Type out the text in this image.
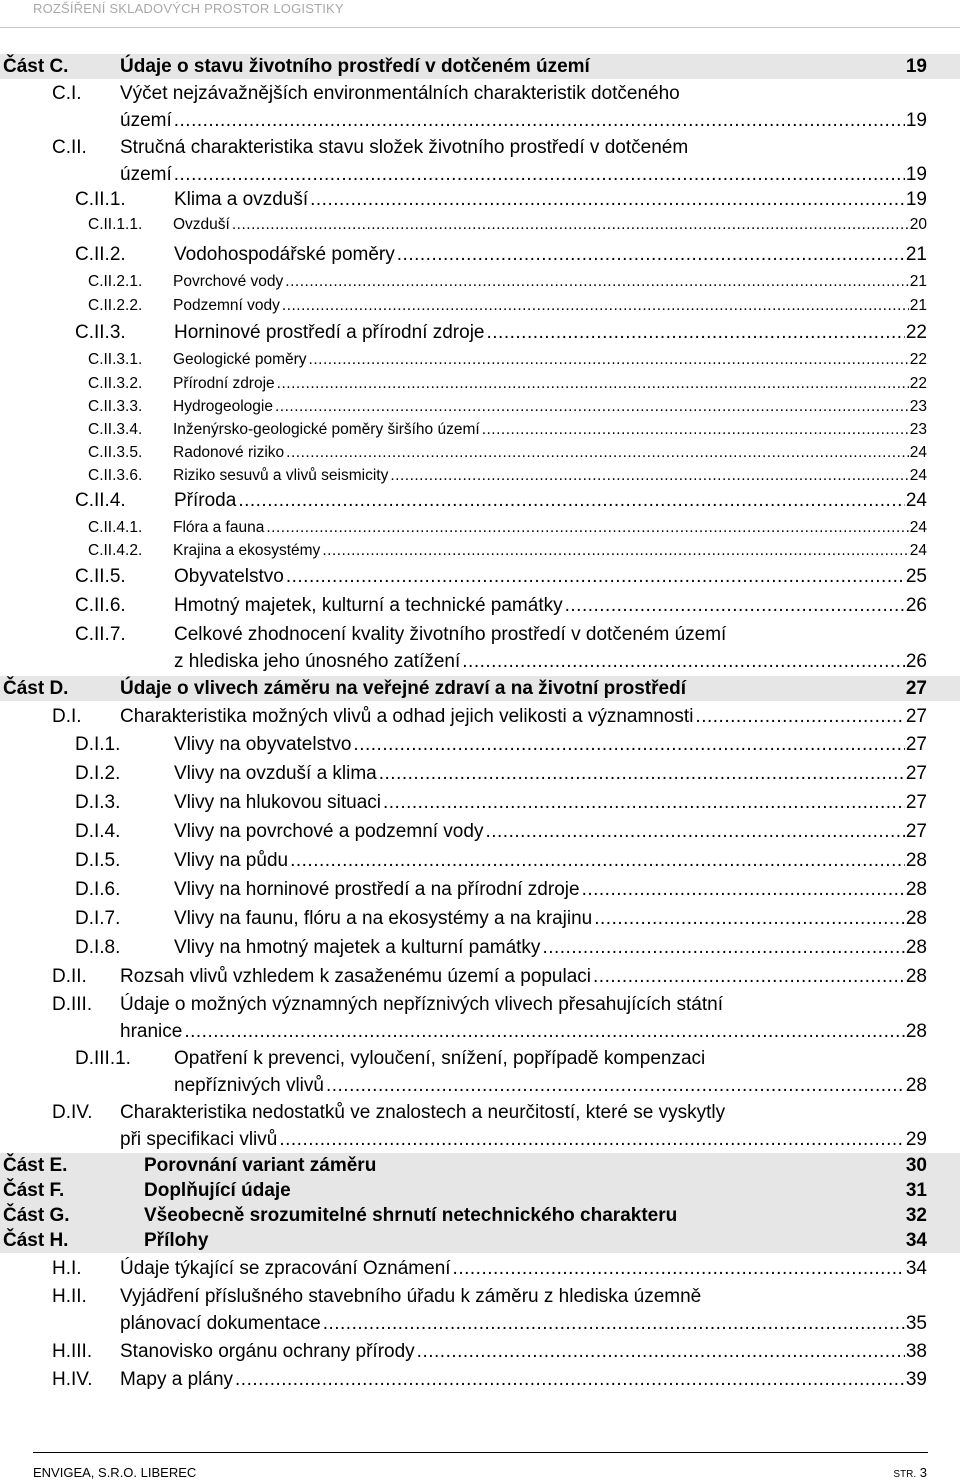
ROZŠÍŘENÍ SKLADOVÝCH PROSTOR LOGISTIKY
Část C.	Údaje o stavu životního prostředí v dotčeném území	19
C.I. Výčet nejzávažnějších environmentálních charakteristik dotčeného
území	19
.....
C.II. Stručná charakteristika stavu složek životního prostředí v dotčeném
území	19
.....
C.II.1.	Klima a ovzduší	19
.....
C.II.1.1. Ovzduší	20
.....
C.II.2.	Vodohospodářské poměry	21
.....
C.II.2.1. Povrchové vody	21
.....
C.II.2.2. Podzemní vody	21
.....
C.II.3.	Horninové prostředí a přírodní zdroje	22
.....
C.II.3.1. Geologické poměry	22
.....
C.II.3.2. Přírodní zdroje	22
.....
C.II.3.3. Hydrogeologie	23
.....
C.II.3.4. Inženýrsko-geologické poměry širšího území	23
.....
C.II.3.5. Radonové riziko	24
.....
C.II.3.6. Riziko sesuvů a vlivů seismicity	24
.....
C.II.4.	Příroda	24
.....
C.II.4.1. Flóra a fauna	24
.....
C.II.4.2. Krajina a ekosystémy	24
.....
C.II.5.	Obyvatelstvo	25
.....
C.II.6.	Hmotný majetek, kulturní a technické památky	26
.....
C.II.7.	Celkové zhodnocení kvality životního prostředí v dotčeném území
z hlediska jeho únosného zatížení	26
.....
Část D.	Údaje o vlivech záměru na veřejné zdraví a na životní prostředí	27
D.I. Charakteristika možných vlivů a odhad jejich velikosti a významnosti	27
.....
D.I.1.	Vlivy na obyvatelstvo	27
.....
D.I.2.	Vlivy na ovzduší a klima	27
.....
D.I.3.	Vlivy na hlukovou situaci	27
.....
D.I.4.	Vlivy na povrchové a podzemní vody	27
.....
D.I.5.	Vlivy na půdu	28
.....
D.I.6.	Vlivy na horninové prostředí a na přírodní zdroje	28
.....
D.I.7.	Vlivy na faunu, flóru a na ekosystémy a na krajinu	28
.....
D.I.8.	Vlivy na hmotný majetek a kulturní památky	28
.....
D.II. Rozsah vlivů vzhledem k zasaženému území a populaci	28
.....
D.III. Údaje o možných významných nepříznivých vlivech přesahujících státní
hranice	28
.....
D.III.1. Opatření k prevenci, vyloučení, snížení, popřípadě kompenzaci
nepříznivých vlivů	28
.....
D.IV. Charakteristika nedostatků ve znalostech a neurčitostí, které se vyskytly
při specifikaci vlivů	29
.....
Část E.	Porovnání variant záměru	30
Část F.	Doplňující údaje	31
Část G.	Všeobecně srozumitelné shrnutí netechnického charakteru	32
Část H.	Přílohy	34
H.I. Údaje týkající se zpracování Oznámení	34
.....
H.II. Vyjádření příslušného stavebního úřadu k záměru z hlediska územně
plánovací dokumentace	35
.....
H.III. Stanovisko orgánu ochrany přírody	38
.....
H.IV. Mapy a plány	39
.....
ENVIGEA, S.R.O. LIBEREC	STR. 3
